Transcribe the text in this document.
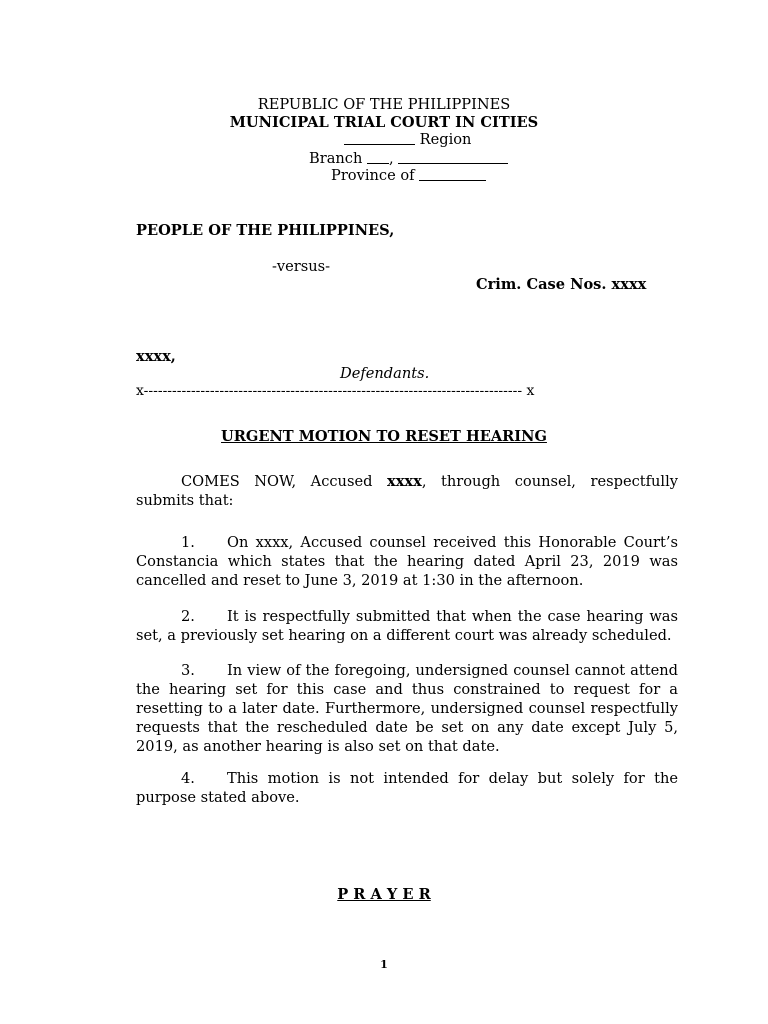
REPUBLIC OF THE PHILIPPINES
MUNICIPAL TRIAL COURT IN CITIES
Region
Branch ,
Province of
PEOPLE OF THE PHILIPPINES,
-versus-
Crim. Case Nos. xxxx
xxxx,
Defendants.
x-------------------------------------------------------------------------------- x
URGENT MOTION TO RESET HEARING
COMES NOW, Accused xxxx, through counsel, respectfully submits that:
1. On xxxx, Accused counsel received this Honorable Court’s Constancia which states that the hearing dated April 23, 2019 was cancelled and reset to June 3, 2019 at 1:30 in the afternoon.
2. It is respectfully submitted that when the case hearing was set, a previously set hearing on a different court was already scheduled.
3. In view of the foregoing, undersigned counsel cannot attend the hearing set for this case and thus constrained to request for a resetting to a later date. Furthermore, undersigned counsel respectfully requests that the rescheduled date be set on any date except July 5, 2019, as another hearing is also set on that date.
4. This motion is not intended for delay but solely for the purpose stated above.
P R A Y E R
1
